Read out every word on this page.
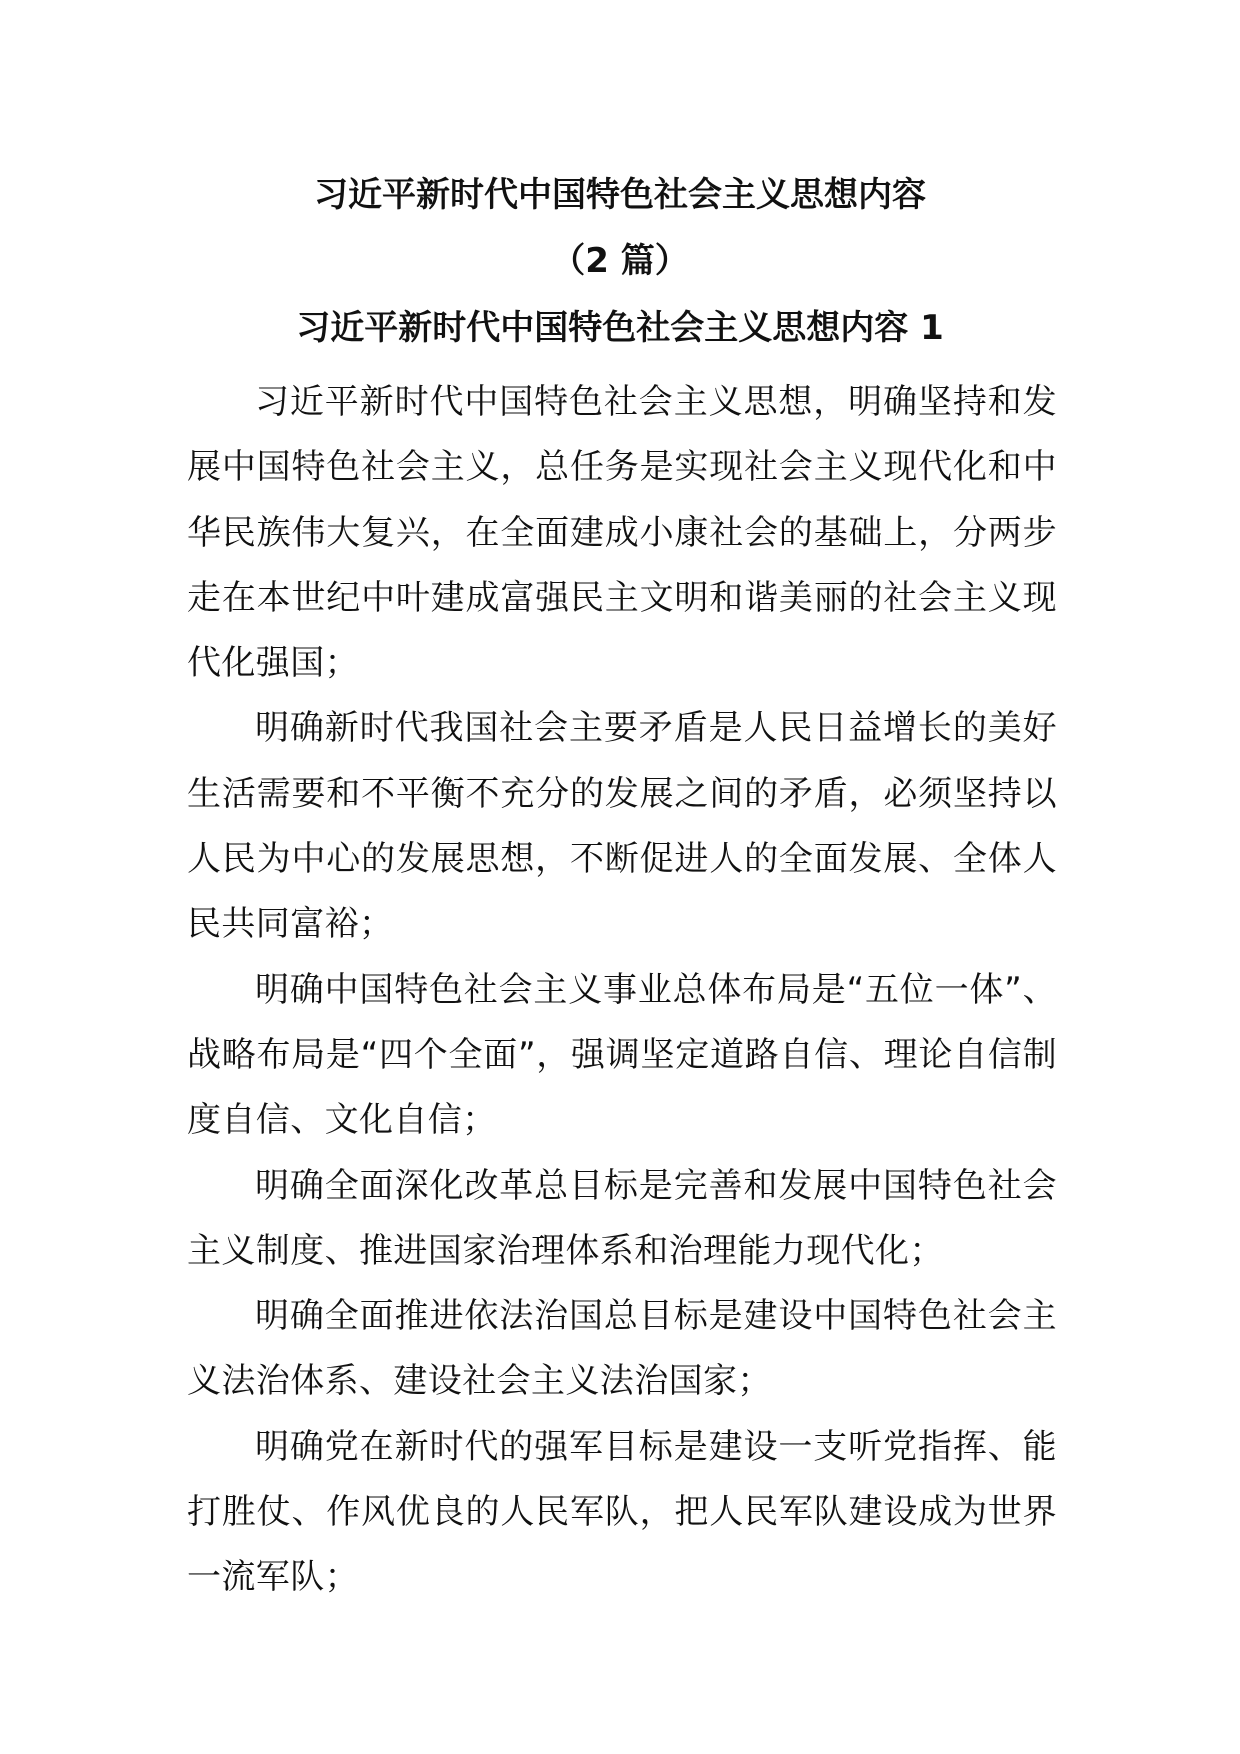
习近平新时代中国特色社会主义思想内容
（2 篇）
习近平新时代中国特色社会主义思想内容 1

习近平新时代中国特色社会主义思想，明确坚持和发展中国特色社会主义，总任务是实现社会主义现代化和中华民族伟大复兴，在全面建成小康社会的基础上，分两步走在本世纪中叶建成富强民主文明和谐美丽的社会主义现代化强国；

明确新时代我国社会主要矛盾是人民日益增长的美好生活需要和不平衡不充分的发展之间的矛盾，必须坚持以人民为中心的发展思想，不断促进人的全面发展、全体人民共同富裕；

明确中国特色社会主义事业总体布局是“五位一体”、战略布局是“四个全面”，强调坚定道路自信、理论自信制度自信、文化自信；

明确全面深化改革总目标是完善和发展中国特色社会主义制度、推进国家治理体系和治理能力现代化；

明确全面推进依法治国总目标是建设中国特色社会主义法治体系、建设社会主义法治国家；

明确党在新时代的强军目标是建设一支听党指挥、能打胜仗、作风优良的人民军队，把人民军队建设成为世界一流军队；
